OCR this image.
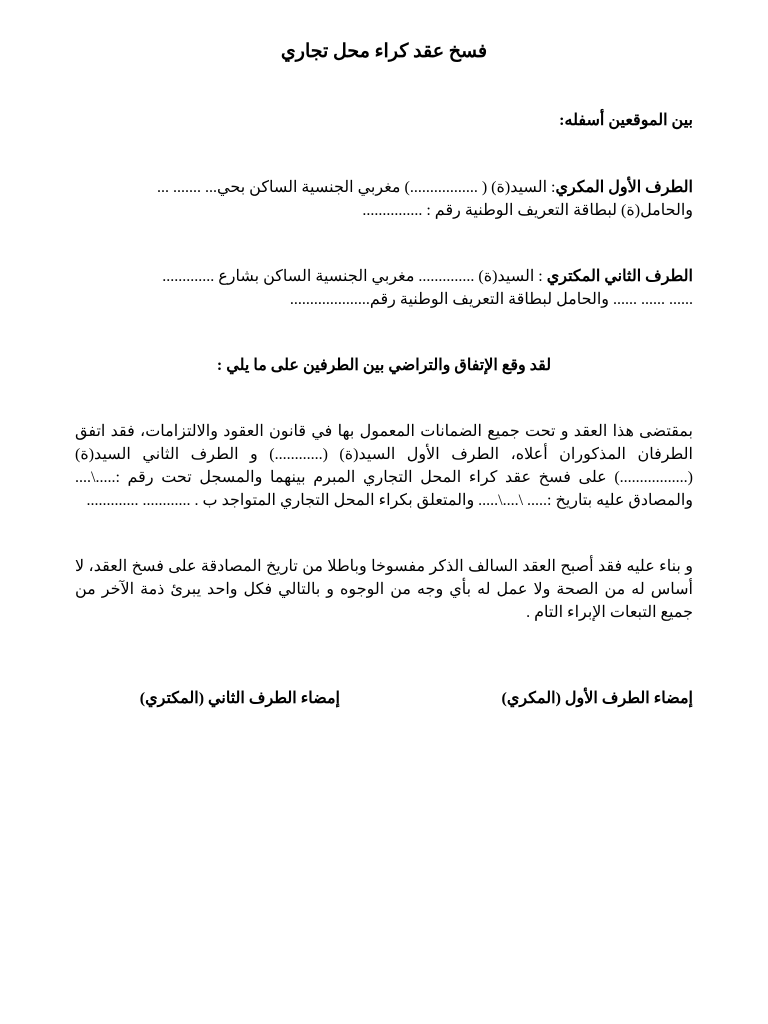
فسخ عقد كراء محل تجاري
بين الموقعين أسفله:
الطرف الأول المكري: السيد(ة) ( .................) مغربي الجنسية الساكن بحي... ....... ...
والحامل(ة) لبطاقة التعريف الوطنية رقم : ...............
الطرف الثاني المكتري : السيد(ة) .............. مغربي الجنسية الساكن بشارع .............
...... ...... ...... والحامل لبطاقة التعريف الوطنية رقم....................
لقد وقع الإتفاق والتراضي بين الطرفين على ما يلي :
بمقتضى هذا العقد و تحت جميع الضمانات المعمول بها في قانون العقود والالتزامات، فقد اتفق الطرفان المذكوران أعلاه، الطرف الأول السيد(ة) (............) و الطرف الثاني السيد(ة) (.................) على فسخ عقد كراء المحل التجاري المبرم بينهما والمسجل تحت رقم :.....\.... والمصادق عليه بتاريخ :..... \....\..... والمتعلق بكراء المحل التجاري المتواجد ب . ............ .............
و بناء عليه فقد أصبح العقد السالف الذكر مفسوخا وباطلا من تاريخ المصادقة على فسخ العقد، لا أساس له من الصحة ولا عمل له بأي وجه من الوجوه و بالتالي فكل واحد يبرئ ذمة الآخر من جميع التبعات الإبراء التام .
إمضاء الطرف الأول (المكري)
إمضاء الطرف الثاني (المكتري)
